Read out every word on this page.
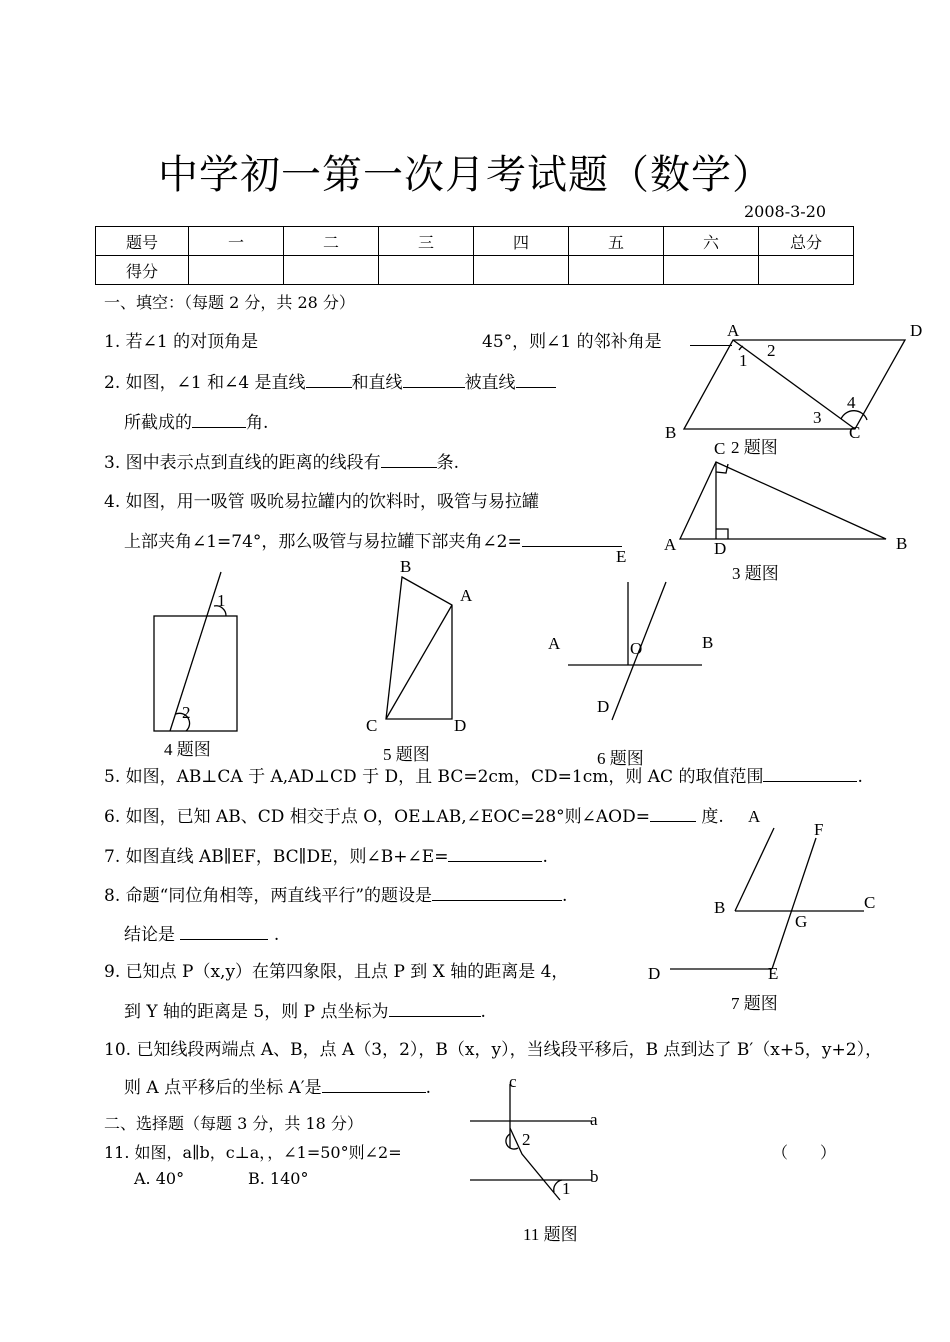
中学初一第一次月考试题（数学）
2008-3-20
题号	一	二	三	四	五	六	总分
得分							
一、填空：（每题 2 分，共 28 分）
1. 若∠1 的对顶角是	45°，则∠1 的邻补角是
2. 如图，∠1 和∠4 是直线	和直线	被直线
所截成的	角.
3. 图中表示点到直线的距离的线段有	条.
4. 如图，用一吸管 吸吮易拉罐内的饮料时，吸管与易拉罐
上部夹角∠1=74°，那么吸管与易拉罐下部夹角∠2=
A	D
B	C
1
2
3
4
2 题图
C
A D	B
3 题图
1
2
4 题图
B
A
C	D
5 题图
E
A	B
O
D
6 题图
5. 如图，AB⊥CA 于 A,AD⊥CD 于 D，且 BC=2cm，CD=1cm，则 AC 的取值范围	.
6. 如图，已知 AB、CD 相交于点 O，OE⊥AB,∠EOC=28°则∠AOD=	度.
7. 如图直线 AB∥EF，BC∥DE，则∠B+∠E=	.
A
F
B	C
G
D	E
7 题图
8. 命题“同位角相等，两直线平行”的题设是	.
结论是	.
9. 已知点 P（x,y）在第四象限，且点 P 到 X 轴的距离是 4，
到 Y 轴的距离是 5，则 P 点坐标为	.
10. 已知线段两端点 A、B，点 A（3，2），B（x，y），当线段平移后，B 点到达了 B′（x+5，y+2），
则 A 点平移后的坐标 A′是	.
二、选择题（每题 3 分，共 18 分）
11. 如图，a∥b，c⊥a，，∠1=50°则∠2=	（　　）
A. 40°	B. 140°
c
a
b
2
1
11 题图
